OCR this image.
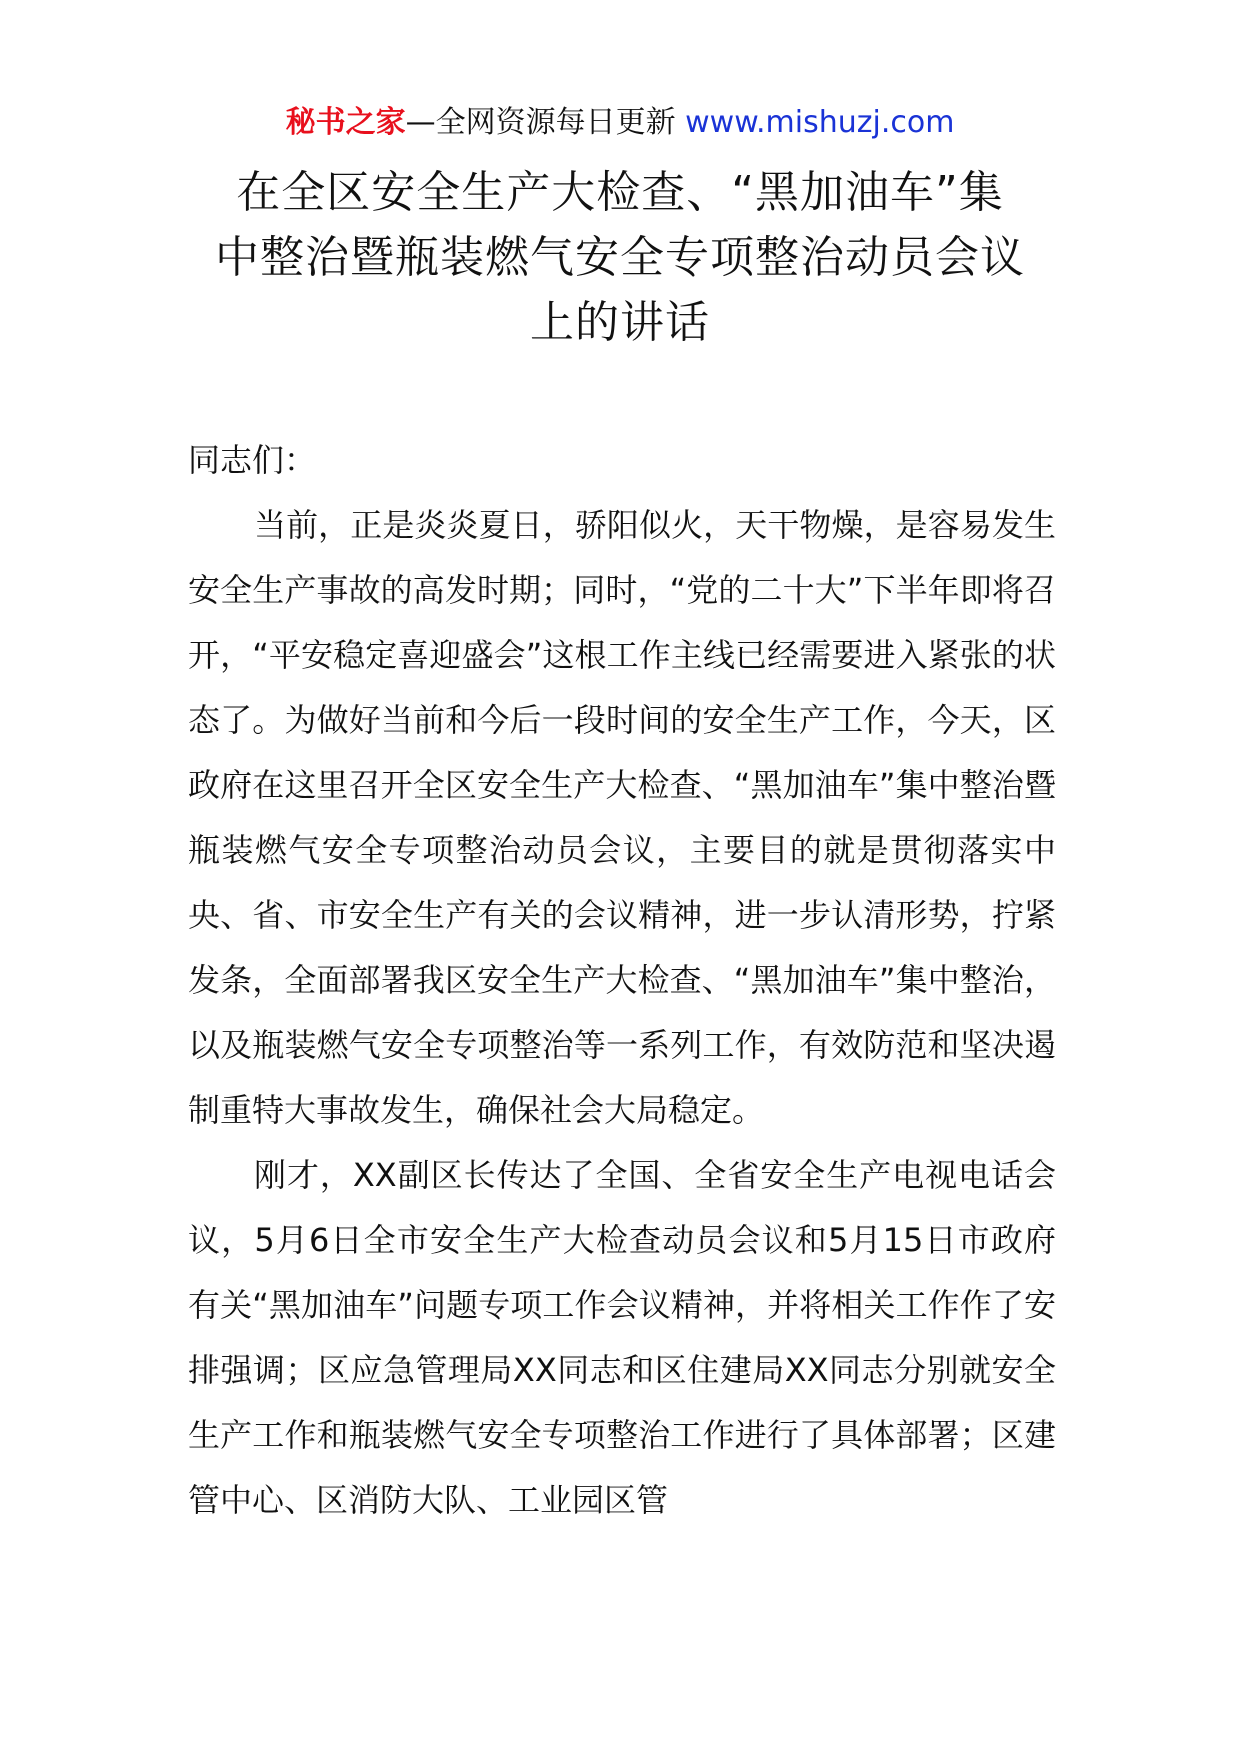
秘书之家—全网资源每日更新 www.mishuzj.com
在全区安全生产大检查、“黑加油车”集
中整治暨瓶装燃气安全专项整治动员会议
上的讲话

同志们：

当前，正是炎炎夏日，骄阳似火，天干物燥，是容易发生安全生产事故的高发时期；同时，“党的二十大”下半年即将召开，“平安稳定喜迎盛会”这根工作主线已经需要进入紧张的状态了。为做好当前和今后一段时间的安全生产工作，今天，区政府在这里召开全区安全生产大检查、“黑加油车”集中整治暨瓶装燃气安全专项整治动员会议，主要目的就是贯彻落实中央、省、市安全生产有关的会议精神，进一步认清形势，拧紧发条，全面部署我区安全生产大检查、“黑加油车”集中整治，以及瓶装燃气安全专项整治等一系列工作，有效防范和坚决遏制重特大事故发生，确保社会大局稳定。

刚才，XX副区长传达了全国、全省安全生产电视电话会议，5月6日全市安全生产大检查动员会议和5月15日市政府有关“黑加油车”问题专项工作会议精神，并将相关工作作了安排强调；区应急管理局XX同志和区住建局XX同志分别就安全生产工作和瓶装燃气安全专项整治工作进行了具体部署；区建管中心、区消防大队、工业园区管
